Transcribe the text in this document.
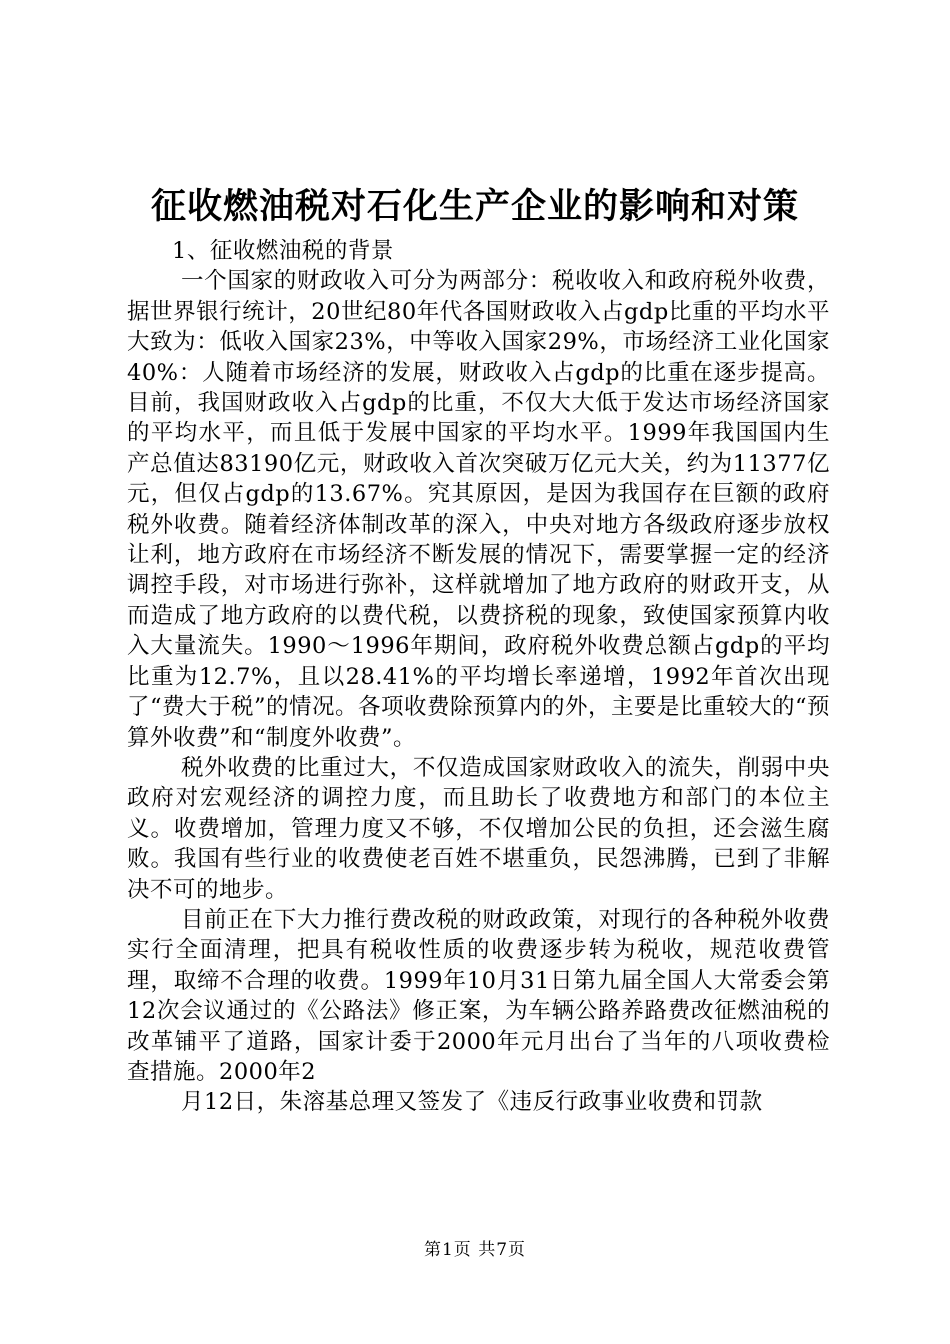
征收燃油税对石化生产企业的影响和对策

1、征收燃油税的背景

一个国家的财政收入可分为两部分：税收收入和政府税外收费，据世界银行统计，20世纪80年代各国财政收入占gdp比重的平均水平大致为：低收入国家23%，中等收入国家29%，市场经济工业化国家40%：人随着市场经济的发展，财政收入占gdp的比重在逐步提高。目前，我国财政收入占gdp的比重，不仅大大低于发达市场经济国家的平均水平，而且低于发展中国家的平均水平。1999年我国国内生产总值达83190亿元，财政收入首次突破万亿元大关，约为11377亿元，但仅占gdp的13.67%。究其原因，是因为我国存在巨额的政府税外收费。随着经济体制改革的深入，中央对地方各级政府逐步放权让利，地方政府在市场经济不断发展的情况下，需要掌握一定的经济调控手段，对市场进行弥补，这样就增加了地方政府的财政开支，从而造成了地方政府的以费代税，以费挤税的现象，致使国家预算内收入大量流失。1990～1996年期间，政府税外收费总额占gdp的平均比重为12.7%，且以28.41%的平均增长率递增，1992年首次出现了“费大于税”的情况。各项收费除预算内的外，主要是比重较大的“预算外收费”和“制度外收费”。

税外收费的比重过大，不仅造成国家财政收入的流失，削弱中央政府对宏观经济的调控力度，而且助长了收费地方和部门的本位主义。收费增加，管理力度又不够，不仅增加公民的负担，还会滋生腐败。我国有些行业的收费使老百姓不堪重负，民怨沸腾，已到了非解决不可的地步。

目前正在下大力推行费改税的财政政策，对现行的各种税外收费实行全面清理，把具有税收性质的收费逐步转为税收，规范收费管理，取缔不合理的收费。1999年10月31日第九届全国人大常委会第12次会议通过的《公路法》修正案，为车辆公路养路费改征燃油税的改革铺平了道路，国家计委于2000年元月出台了当年的八项收费检查措施。2000年2

月12日，朱溶基总理又签发了《违反行政事业收费和罚款

第1页 共7页
